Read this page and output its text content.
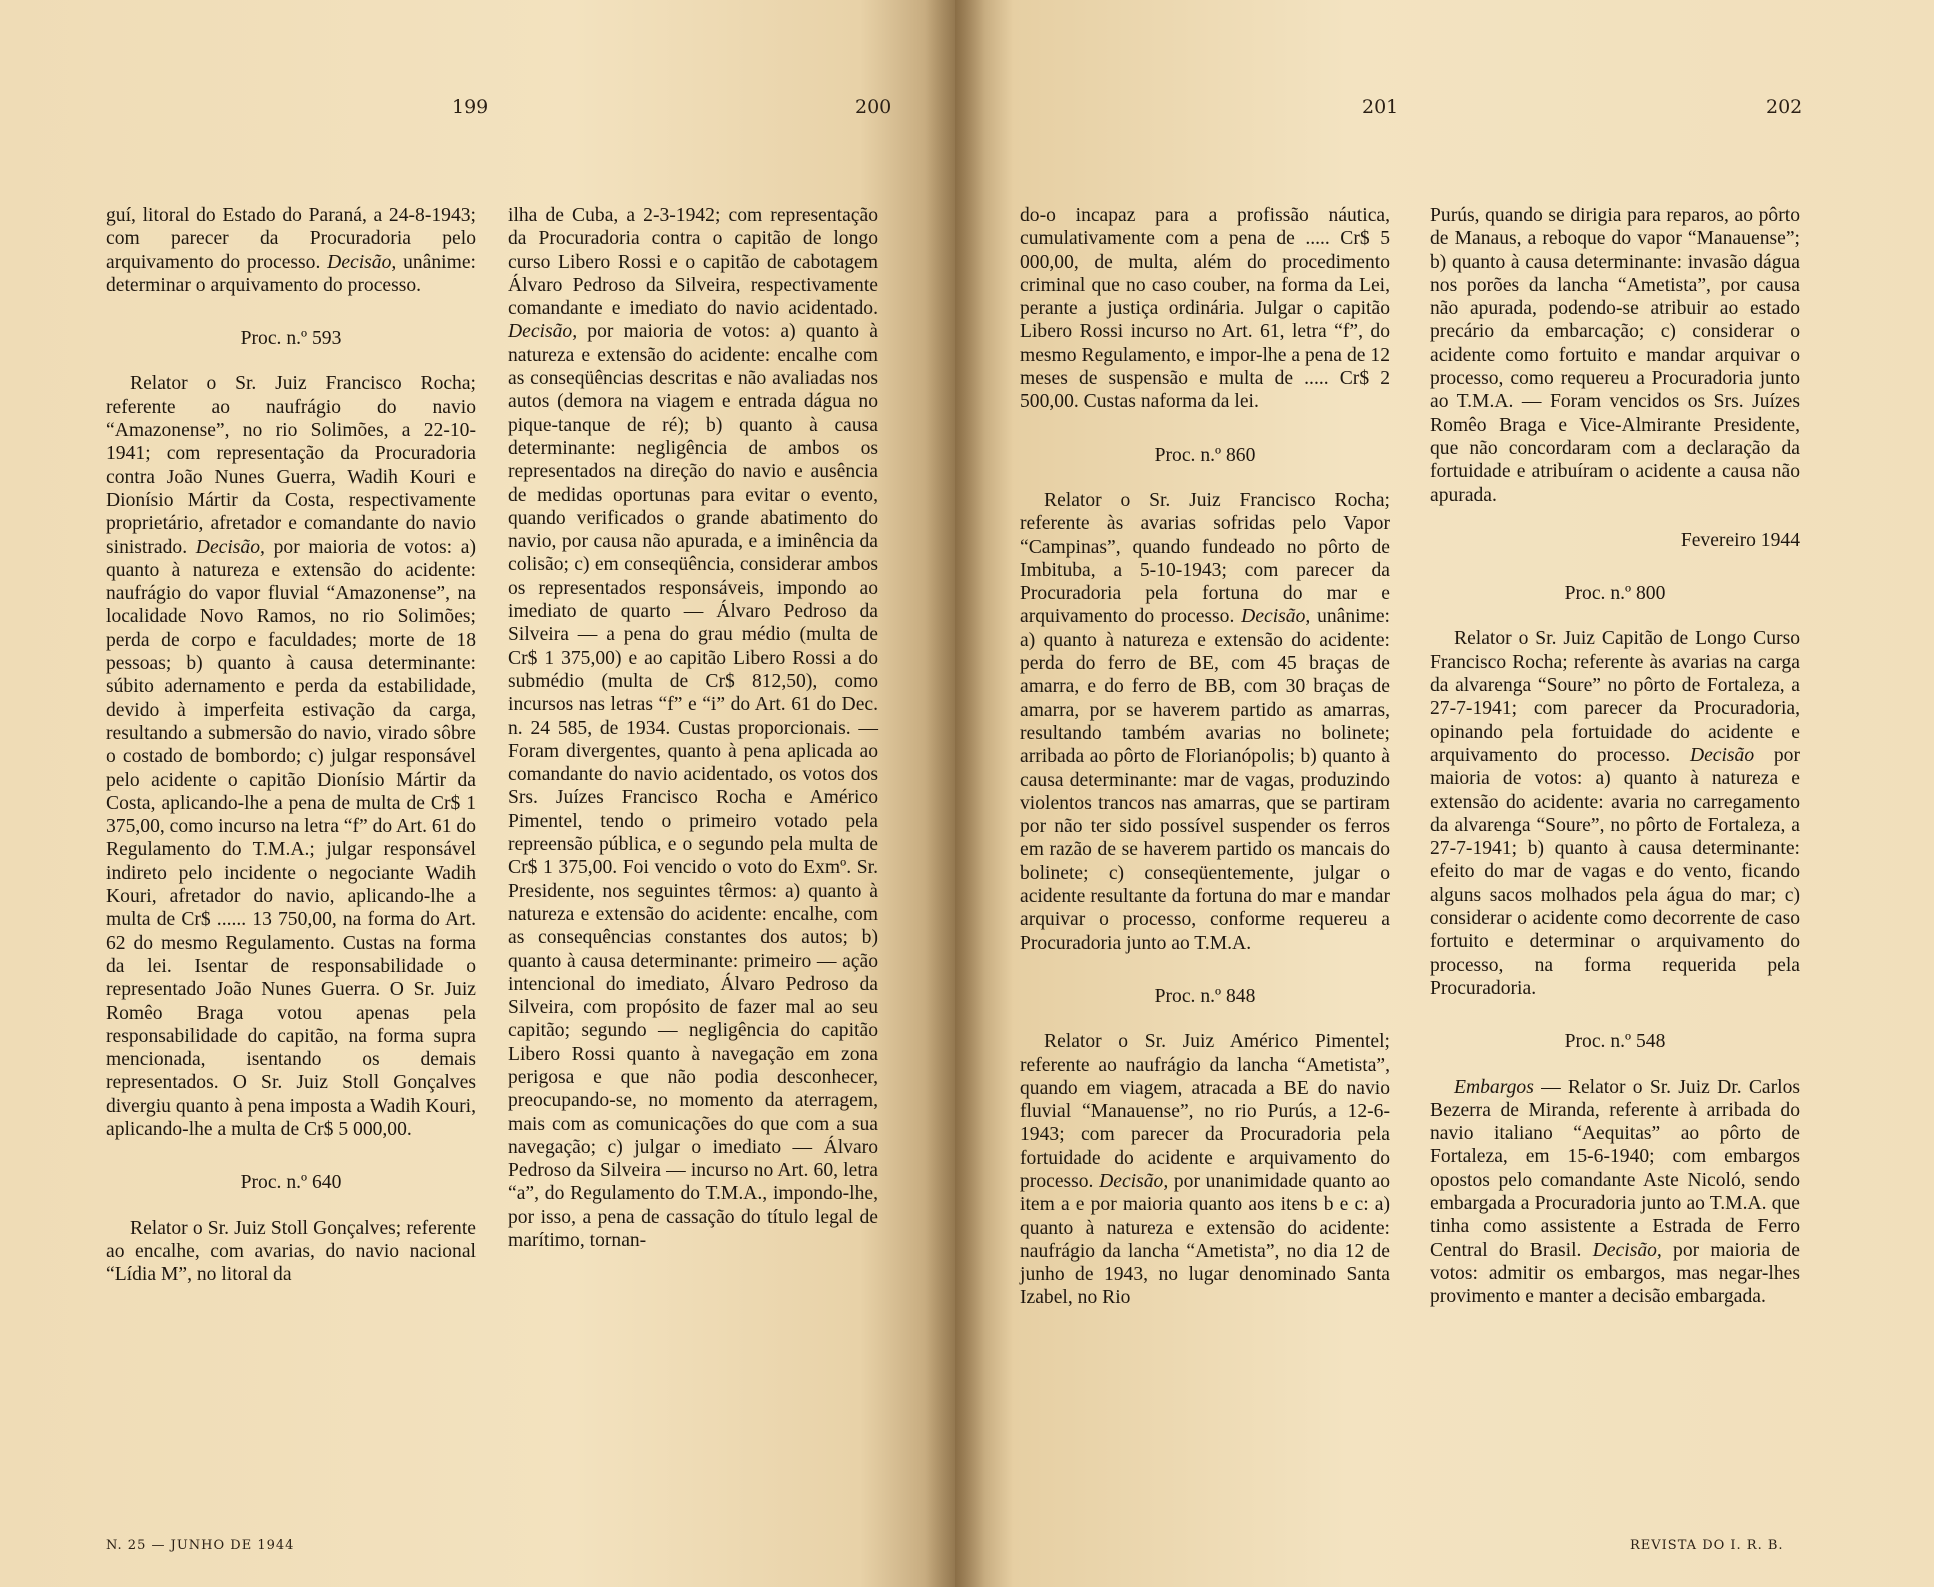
199	200	201	202

guí, litoral do Estado do Paraná, a 24-8-1943; com parecer da Procuradoria pelo arquivamento do processo. Decisão, unânime: determinar o arquivamento do processo.

Proc. n.º 593

Relator o Sr. Juiz Francisco Rocha; referente ao naufrágio do navio “Amazonense”, no rio Solimões, a 22-10-1941; com representação da Procuradoria contra João Nunes Guerra, Wadih Kouri e Dionísio Mártir da Costa, respectivamente proprietário, afretador e comandante do navio sinistrado. Decisão, por maioria de votos: a) quanto à natureza e extensão do acidente: naufrágio do vapor fluvial “Amazonense”, na localidade Novo Ramos, no rio Solimões; perda de corpo e faculdades; morte de 18 pessoas; b) quanto à causa determinante: súbito adernamento e perda da estabilidade, devido à imperfeita estivação da carga, resultando a submersão do navio, virado sôbre o costado de bombordo; c) julgar responsável pelo acidente o capitão Dionísio Mártir da Costa, aplicando-lhe a pena de multa de Cr$ 1 375,00, como incurso na letra “f” do Art. 61 do Regulamento do T.M.A.; julgar responsável indireto pelo incidente o negociante Wadih Kouri, afretador do navio, aplicando-lhe a multa de Cr$ ...... 13 750,00, na forma do Art. 62 do mesmo Regulamento. Custas na forma da lei. Isentar de responsabilidade o representado João Nunes Guerra. O Sr. Juiz Romêo Braga votou apenas pela responsabilidade do capitão, na forma supra mencionada, isentando os demais representados. O Sr. Juiz Stoll Gonçalves divergiu quanto à pena imposta a Wadih Kouri, aplicando-lhe a multa de Cr$ 5 000,00.

Proc. n.º 640

Relator o Sr. Juiz Stoll Gonçalves; referente ao encalhe, com avarias, do navio nacional “Lídia M”, no litoral da

ilha de Cuba, a 2-3-1942; com representação da Procuradoria contra o capitão de longo curso Libero Rossi e o capitão de cabotagem Álvaro Pedroso da Silveira, respectivamente comandante e imediato do navio acidentado. Decisão, por maioria de votos: a) quanto à natureza e extensão do acidente: encalhe com as conseqüências descritas e não avaliadas nos autos (demora na viagem e entrada dágua no pique-tanque de ré); b) quanto à causa determinante: negligência de ambos os representados na direção do navio e ausência de medidas oportunas para evitar o evento, quando verificados o grande abatimento do navio, por causa não apurada, e a iminência da colisão; c) em conseqüência, considerar ambos os representados responsáveis, impondo ao imediato de quarto — Álvaro Pedroso da Silveira — a pena do grau médio (multa de Cr$ 1 375,00) e ao capitão Libero Rossi a do submédio (multa de Cr$ 812,50), como incursos nas letras “f” e “i” do Art. 61 do Dec. n. 24 585, de 1934. Custas proporcionais. — Foram divergentes, quanto à pena aplicada ao comandante do navio acidentado, os votos dos Srs. Juízes Francisco Rocha e Américo Pimentel, tendo o primeiro votado pela repreensão pública, e o segundo pela multa de Cr$ 1 375,00. Foi vencido o voto do Exmº. Sr. Presidente, nos seguintes têrmos: a) quanto à natureza e extensão do acidente: encalhe, com as consequências constantes dos autos; b) quanto à causa determinante: primeiro — ação intencional do imediato, Álvaro Pedroso da Silveira, com propósito de fazer mal ao seu capitão; segundo — negligência do capitão Libero Rossi quanto à navegação em zona perigosa e que não podia desconhecer, preocupando-se, no momento da aterragem, mais com as comunicações do que com a sua navegação; c) julgar o imediato — Álvaro Pedroso da Silveira — incurso no Art. 60, letra “a”, do Regulamento do T.M.A., impondo-lhe, por isso, a pena de cassação do título legal de marítimo, tornan-

do-o incapaz para a profissão náutica, cumulativamente com a pena de ..... Cr$ 5 000,00, de multa, além do procedimento criminal que no caso couber, na forma da Lei, perante a justiça ordinária. Julgar o capitão Libero Rossi incurso no Art. 61, letra “f”, do mesmo Regulamento, e impor-lhe a pena de 12 meses de suspensão e multa de ..... Cr$ 2 500,00. Custas naforma da lei.

Proc. n.º 860

Relator o Sr. Juiz Francisco Rocha; referente às avarias sofridas pelo Vapor “Campinas”, quando fundeado no pôrto de Imbituba, a 5-10-1943; com parecer da Procuradoria pela fortuna do mar e arquivamento do processo. Decisão, unânime: a) quanto à natureza e extensão do acidente: perda do ferro de BE, com 45 braças de amarra, e do ferro de BB, com 30 braças de amarra, por se haverem partido as amarras, resultando também avarias no bolinete; arribada ao pôrto de Florianópolis; b) quanto à causa determinante: mar de vagas, produzindo violentos trancos nas amarras, que se partiram por não ter sido possível suspender os ferros em razão de se haverem partido os mancais do bolinete; c) conseqüentemente, julgar o acidente resultante da fortuna do mar e mandar arquivar o processo, conforme requereu a Procuradoria junto ao T.M.A.

Proc. n.º 848

Relator o Sr. Juiz Américo Pimentel; referente ao naufrágio da lancha “Ametista”, quando em viagem, atracada a BE do navio fluvial “Manauense”, no rio Purús, a 12-6-1943; com parecer da Procuradoria pela fortuidade do acidente e arquivamento do processo. Decisão, por unanimidade quanto ao item a e por maioria quanto aos itens b e c: a) quanto à natureza e extensão do acidente: naufrágio da lancha “Ametista”, no dia 12 de junho de 1943, no lugar denominado Santa Izabel, no Rio

Purús, quando se dirigia para reparos, ao pôrto de Manaus, a reboque do vapor “Manauense”; b) quanto à causa determinante: invasão dágua nos porões da lancha “Ametista”, por causa não apurada, podendo-se atribuir ao estado precário da embarcação; c) considerar o acidente como fortuito e mandar arquivar o processo, como requereu a Procuradoria junto ao T.M.A. — Foram vencidos os Srs. Juízes Romêo Braga e Vice-Almirante Presidente, que não concordaram com a declaração da fortuidade e atribuíram o acidente a causa não apurada.

Fevereiro 1944

Proc. n.º 800

Relator o Sr. Juiz Capitão de Longo Curso Francisco Rocha; referente às avarias na carga da alvarenga “Soure” no pôrto de Fortaleza, a 27-7-1941; com parecer da Procuradoria, opinando pela fortuidade do acidente e arquivamento do processo. Decisão por maioria de votos: a) quanto à natureza e extensão do acidente: avaria no carregamento da alvarenga “Soure”, no pôrto de Fortaleza, a 27-7-1941; b) quanto à causa determinante: efeito do mar de vagas e do vento, ficando alguns sacos molhados pela água do mar; c) considerar o acidente como decorrente de caso fortuito e determinar o arquivamento do processo, na forma requerida pela Procuradoria.

Proc. n.º 548

Embargos — Relator o Sr. Juiz Dr. Carlos Bezerra de Miranda, referente à arribada do navio italiano “Aequitas” ao pôrto de Fortaleza, em 15-6-1940; com embargos opostos pelo comandante Aste Nicoló, sendo embargada a Procuradoria junto ao T.M.A. que tinha como assistente a Estrada de Ferro Central do Brasil. Decisão, por maioria de votos: admitir os embargos, mas negar-lhes provimento e manter a decisão embargada.

N. 25 — JUNHO DE 1944	REVISTA DO I. R. B.
